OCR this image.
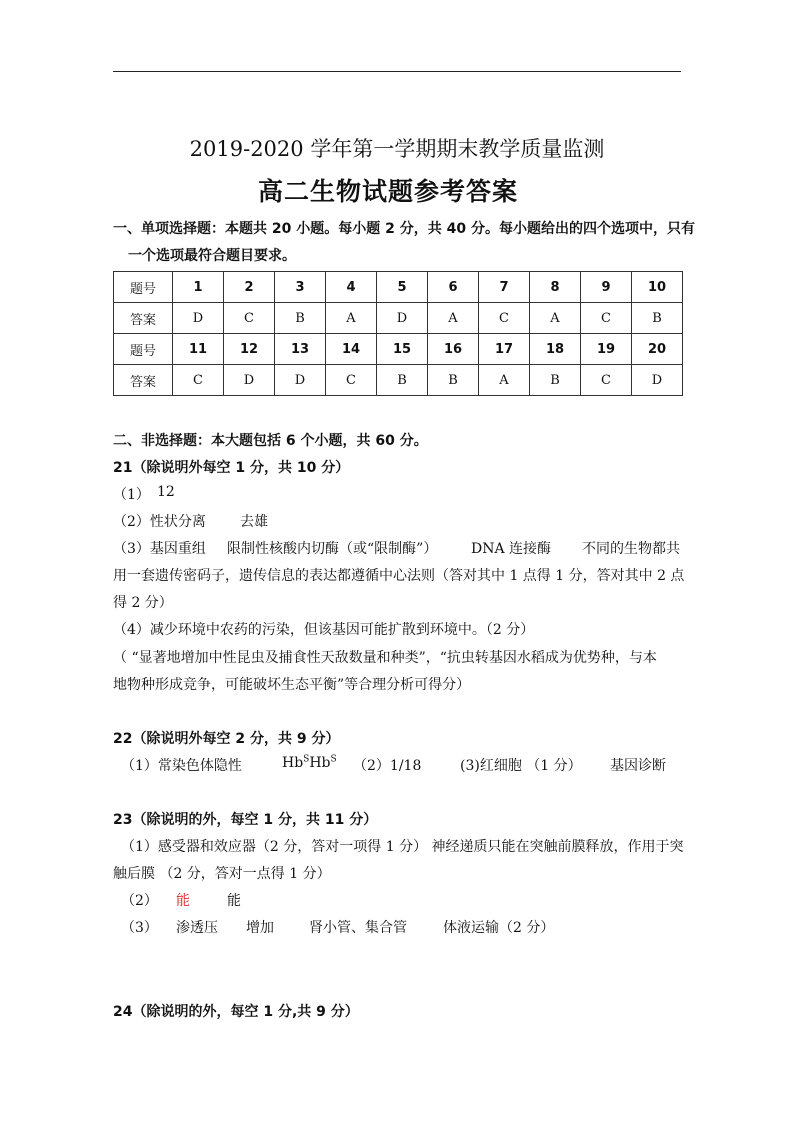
2019-2020 学年第一学期期末教学质量监测
高二生物试题参考答案
一、单项选择题：本题共 20 小题。每小题 2 分，共 40 分。每小题给出的四个选项中，只有
一个选项最符合题目要求。
题号	1	2	3	4	5	6	7	8	9	10
答案	D	C	B	A	D	A	C	A	C	B
题号	11	12	13	14	15	16	17	18	19	20
答案	C	D	D	C	B	B	A	B	C	D
二、非选择题：本大题包括 6 个小题，共 60 分。
21（除说明外每空 1 分，共 10 分）
（1） 12
（2）性状分离 去雄
（3）基因重组 限制性核酸内切酶（或“限制酶”） DNA 连接酶 不同的生物都共
用一套遗传密码子，遗传信息的表达都遵循中心法则（答对其中 1 点得 1 分，答对其中 2 点
得 2 分）
（4）减少环境中农药的污染，但该基因可能扩散到环境中。（2 分）
（ “显著地增加中性昆虫及捕食性天敌数量和种类”，“抗虫转基因水稻成为优势种，与本
地物种形成竞争，可能破坏生态平衡”等合理分析可得分）
22（除说明外每空 2 分，共 9 分）
（1）常染色体隐性	$Hb^SHb^S$ （2）1/18	(3)红细胞 （1 分） 基因诊断
23（除说明的外，每空 1 分，共 11 分）
（1）感受器和效应器（2 分，答对一项得 1 分） 神经递质只能在突触前膜释放，作用于突
触后膜 （2 分，答对一点得 1 分）
（2） 能	能
（3） 渗透压 增加	肾小管、集合管	体液运输（2 分）
24（除说明的外，每空 1 分,共 9 分）
